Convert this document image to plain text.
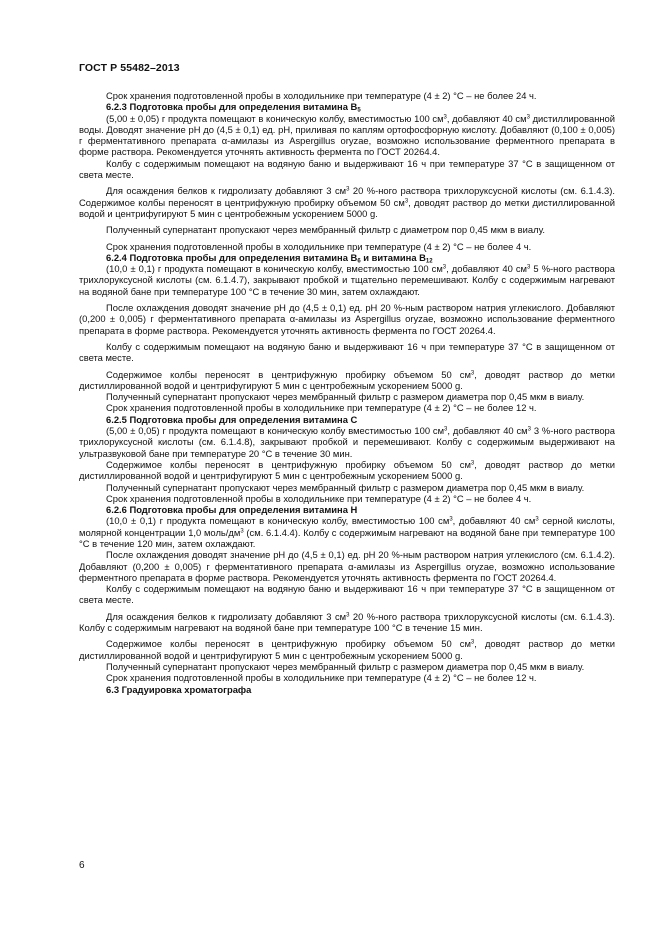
ГОСТ Р 55482–2013

Срок хранения подготовленной пробы в холодильнике при температуре (4 ± 2) °С – не более 24 ч.

6.2.3 Подготовка пробы для определения витамина $B_5$

(5,00 ± 0,05) г продукта помещают в коническую колбу, вместимостью 100 $см^3$, добавляют 40 $см^3$ дистиллированной воды. Доводят значение рН до (4,5 ± 0,1) ед. рН, приливая по каплям ортофосфорную кислоту. Добавляют (0,100 ± 0,005) г ферментативного препарата α-амилазы из Aspergillus oryzae, возможно использование ферментного препарата в форме раствора. Рекомендуется уточнять активность фермента по ГОСТ 20264.4.

Колбу с содержимым помещают на водяную баню и выдерживают 16 ч при температуре 37 °С в защищенном от света месте.

Для осаждения белков к гидролизату добавляют 3 $см^3$ 20 %-ного раствора трихлоруксусной кислоты (см. 6.1.4.3). Содержимое колбы переносят в центрифужную пробирку объемом 50 $см^3$, доводят раствор до метки дистиллированной водой и центрифугируют 5 мин с центробежным ускорением 5000 g.

Полученный супернатант пропускают через мембранный фильтр с диаметром пор 0,45 мкм в виалу.

Срок хранения подготовленной пробы в холодильнике при температуре (4 ± 2) °С – не более 4 ч.

6.2.4 Подготовка пробы для определения витамина $B_6$ и витамина $B_{12}$

(10,0 ± 0,1) г продукта помещают в коническую колбу, вместимостью 100 $см^3$, добавляют 40 $см^3$ 5 %-ного раствора трихлоруксусной кислоты (см. 6.1.4.7), закрывают пробкой и тщательно перемешивают. Колбу с содержимым нагревают на водяной бане при температуре 100 °С в течение 30 мин, затем охлаждают.

После охлаждения доводят значение рН до (4,5 ± 0,1) ед. рН 20 %-ным раствором натрия углекислого. Добавляют (0,200 ± 0,005) г ферментативного препарата α-амилазы из Aspergillus oryzae, возможно использование ферментного препарата в форме раствора. Рекомендуется уточнять активность фермента по ГОСТ 20264.4.

Колбу с содержимым помещают на водяную баню и выдерживают 16 ч при температуре 37 °С в защищенном от света месте.

Содержимое колбы переносят в центрифужную пробирку объемом 50 $см^3$, доводят раствор до метки дистиллированной водой и центрифугируют 5 мин с центробежным ускорением 5000 g.

Полученный супернатант пропускают через мембранный фильтр с размером диаметра пор 0,45 мкм в виалу.

Срок хранения подготовленной пробы в холодильнике при температуре (4 ± 2) °С – не более 12 ч.

6.2.5 Подготовка пробы для определения витамина С

(5,00 ± 0,05) г продукта помещают в коническую колбу вместимостью 100 $см^3$, добавляют 40 $см^3$ 3 %-ного раствора трихлоруксусной кислоты (см. 6.1.4.8), закрывают пробкой и перемешивают. Колбу с содержимым выдерживают на ультразвуковой бане при температуре 20 °С в течение 30 мин.

Содержимое колбы переносят в центрифужную пробирку объемом 50 $см^3$, доводят раствор до метки дистиллированной водой и центрифугируют 5 мин с центробежным ускорением 5000 g.

Полученный супернатант пропускают через мембранный фильтр с размером диаметра пор 0,45 мкм в виалу.

Срок хранения подготовленной пробы в холодильнике при температуре (4 ± 2) °С – не более 4 ч.

6.2.6 Подготовка пробы для определения витамина Н

(10,0 ± 0,1) г продукта помещают в коническую колбу, вместимостью 100 $см^3$, добавляют 40 $см^3$ серной кислоты, молярной концентрации 1,0 моль/$дм^3$ (см. 6.1.4.4). Колбу с содержимым нагревают на водяной бане при температуре 100 °С в течение 120 мин, затем охлаждают.

После охлаждения доводят значение рН до (4,5 ± 0,1) ед. рН 20 %-ным раствором натрия углекислого (см. 6.1.4.2). Добавляют (0,200 ± 0,005) г ферментативного препарата α-амилазы из Aspergillus oryzae, возможно использование ферментного препарата в форме раствора. Рекомендуется уточнять активность фермента по ГОСТ 20264.4.

Колбу с содержимым помещают на водяную баню и выдерживают 16 ч при температуре 37 °С в защищенном от света месте.

Для осаждения белков к гидролизату добавляют 3 $см^3$ 20 %-ного раствора трихлоруксусной кислоты (см. 6.1.4.3). Колбу с содержимым нагревают на водяной бане при температуре 100 °С в течение 15 мин.

Содержимое колбы переносят в центрифужную пробирку объемом 50 $см^3$, доводят раствор до метки дистиллированной водой и центрифугируют 5 мин с центробежным ускорением 5000 g.

Полученный супернатант пропускают через мембранный фильтр с размером диаметра пор 0,45 мкм в виалу.

Срок хранения подготовленной пробы в холодильнике при температуре (4 ± 2) °С – не более 12 ч.

6.3 Градуировка хроматографа

6
